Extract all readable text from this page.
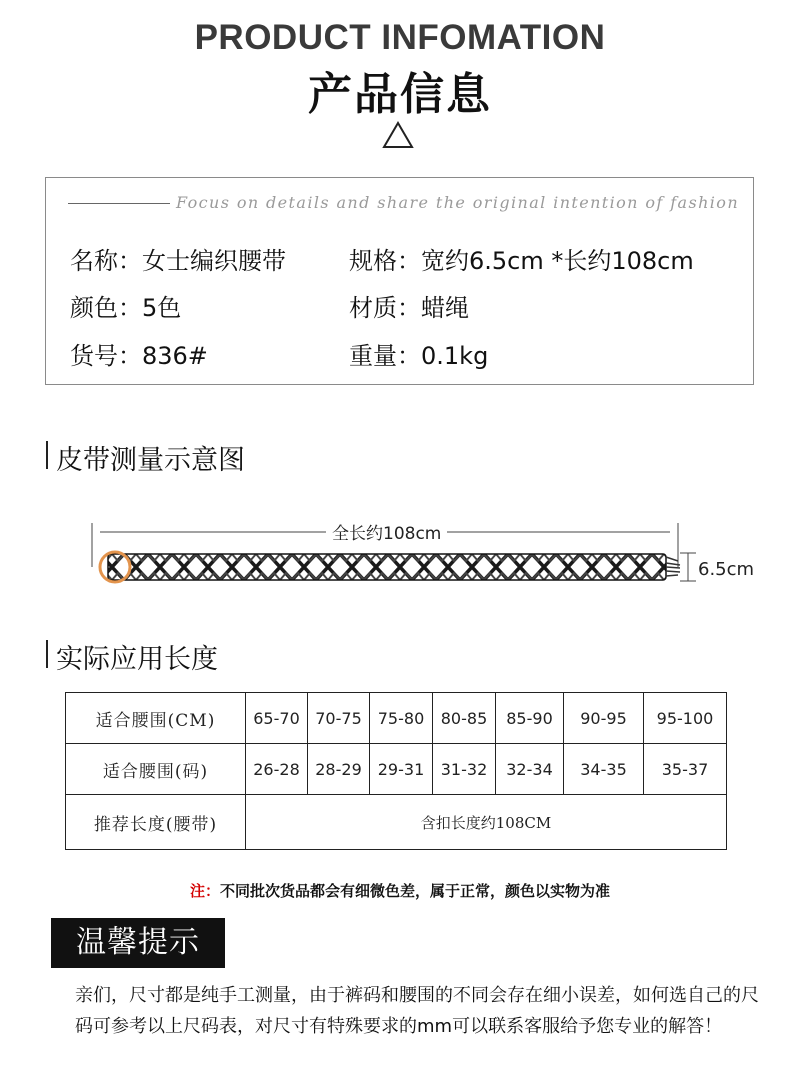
PRODUCT INFOMATION
产品信息
Focus on details and share the original intention of fashion
名称：女士编织腰带	规格：宽约6.5cm *长约108cm
颜色：5色	材质：蜡绳
货号：836#	重量：0.1kg
皮带测量示意图
全长约108cm
6.5cm
实际应用长度
适合腰围(CM)	65-70	70-75	75-80	80-85	85-90	90-95	95-100
适合腰围(码)	26-28	28-29	29-31	31-32	32-34	34-35	35-37
推荐长度(腰带)	含扣长度约108CM						
注：不同批次货品都会有细微色差，属于正常，颜色以实物为准
温馨提示
亲们，尺寸都是纯手工测量，由于裤码和腰围的不同会存在细小误差，如何选自己的尺码可参考以上尺码表，对尺寸有特殊要求的mm可以联系客服给予您专业的解答！
